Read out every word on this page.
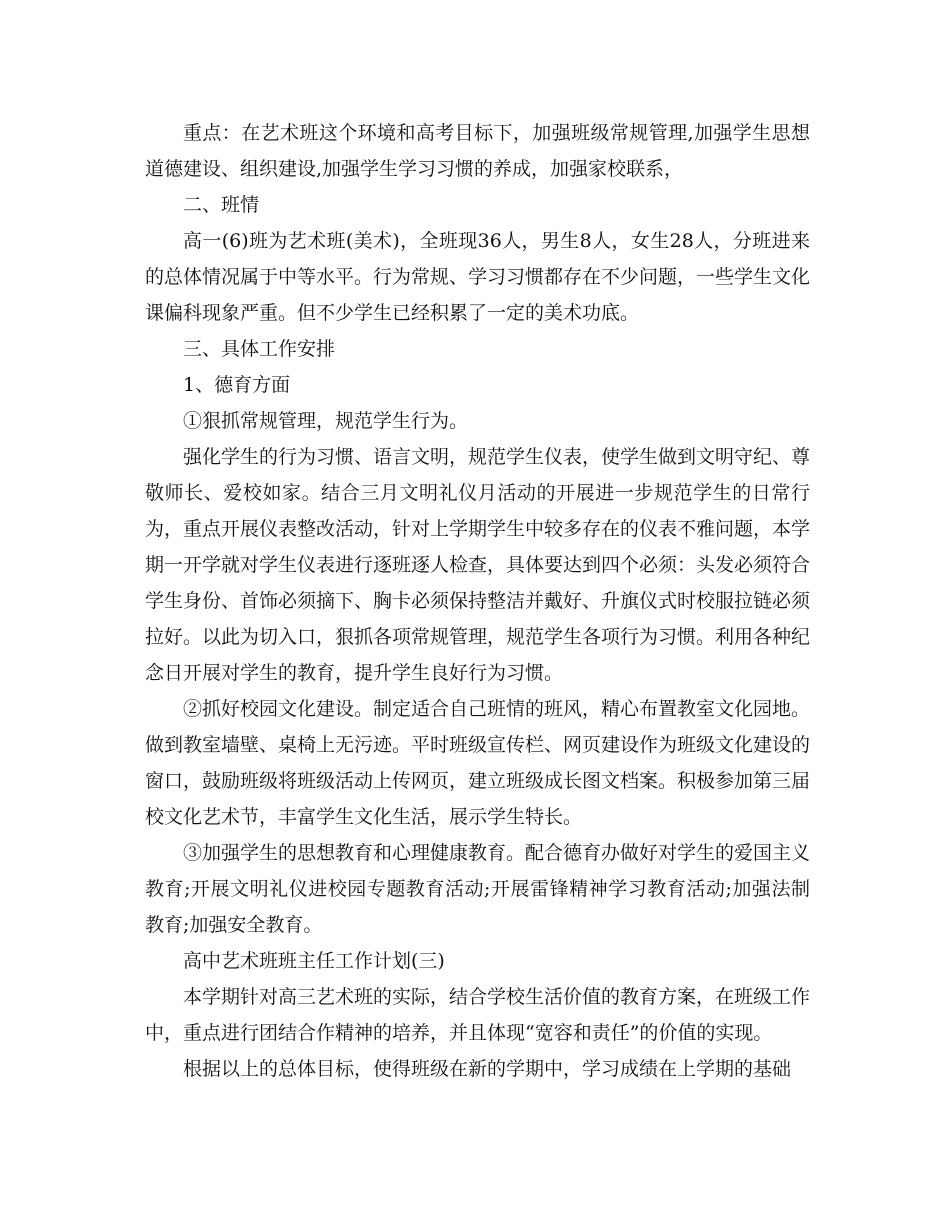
重点：在艺术班这个环境和高考目标下，加强班级常规管理,加强学生思想道德建设、组织建设,加强学生学习习惯的养成，加强家校联系，

二、班情

高一(6)班为艺术班(美术)，全班现36人，男生8人，女生28人，分班进来的总体情况属于中等水平。行为常规、学习习惯都存在不少问题，一些学生文化课偏科现象严重。但不少学生已经积累了一定的美术功底。

三、具体工作安排

1、德育方面

①狠抓常规管理，规范学生行为。

强化学生的行为习惯、语言文明，规范学生仪表，使学生做到文明守纪、尊敬师长、爱校如家。结合三月文明礼仪月活动的开展进一步规范学生的日常行为，重点开展仪表整改活动，针对上学期学生中较多存在的仪表不雅问题，本学期一开学就对学生仪表进行逐班逐人检查，具体要达到四个必须：头发必须符合学生身份、首饰必须摘下、胸卡必须保持整洁并戴好、升旗仪式时校服拉链必须拉好。以此为切入口，狠抓各项常规管理，规范学生各项行为习惯。利用各种纪念日开展对学生的教育，提升学生良好行为习惯。

②抓好校园文化建设。制定适合自己班情的班风，精心布置教室文化园地。做到教室墙壁、桌椅上无污迹。平时班级宣传栏、网页建设作为班级文化建设的窗口，鼓励班级将班级活动上传网页，建立班级成长图文档案。积极参加第三届校文化艺术节，丰富学生文化生活，展示学生特长。

③加强学生的思想教育和心理健康教育。配合德育办做好对学生的爱国主义教育;开展文明礼仪进校园专题教育活动;开展雷锋精神学习教育活动;加强法制教育;加强安全教育。

高中艺术班班主任工作计划(三)

本学期针对高三艺术班的实际，结合学校生活价值的教育方案，在班级工作中，重点进行团结合作精神的培养，并且体现“宽容和责任”的价值的实现。

根据以上的总体目标，使得班级在新的学期中，学习成绩在上学期的基础
